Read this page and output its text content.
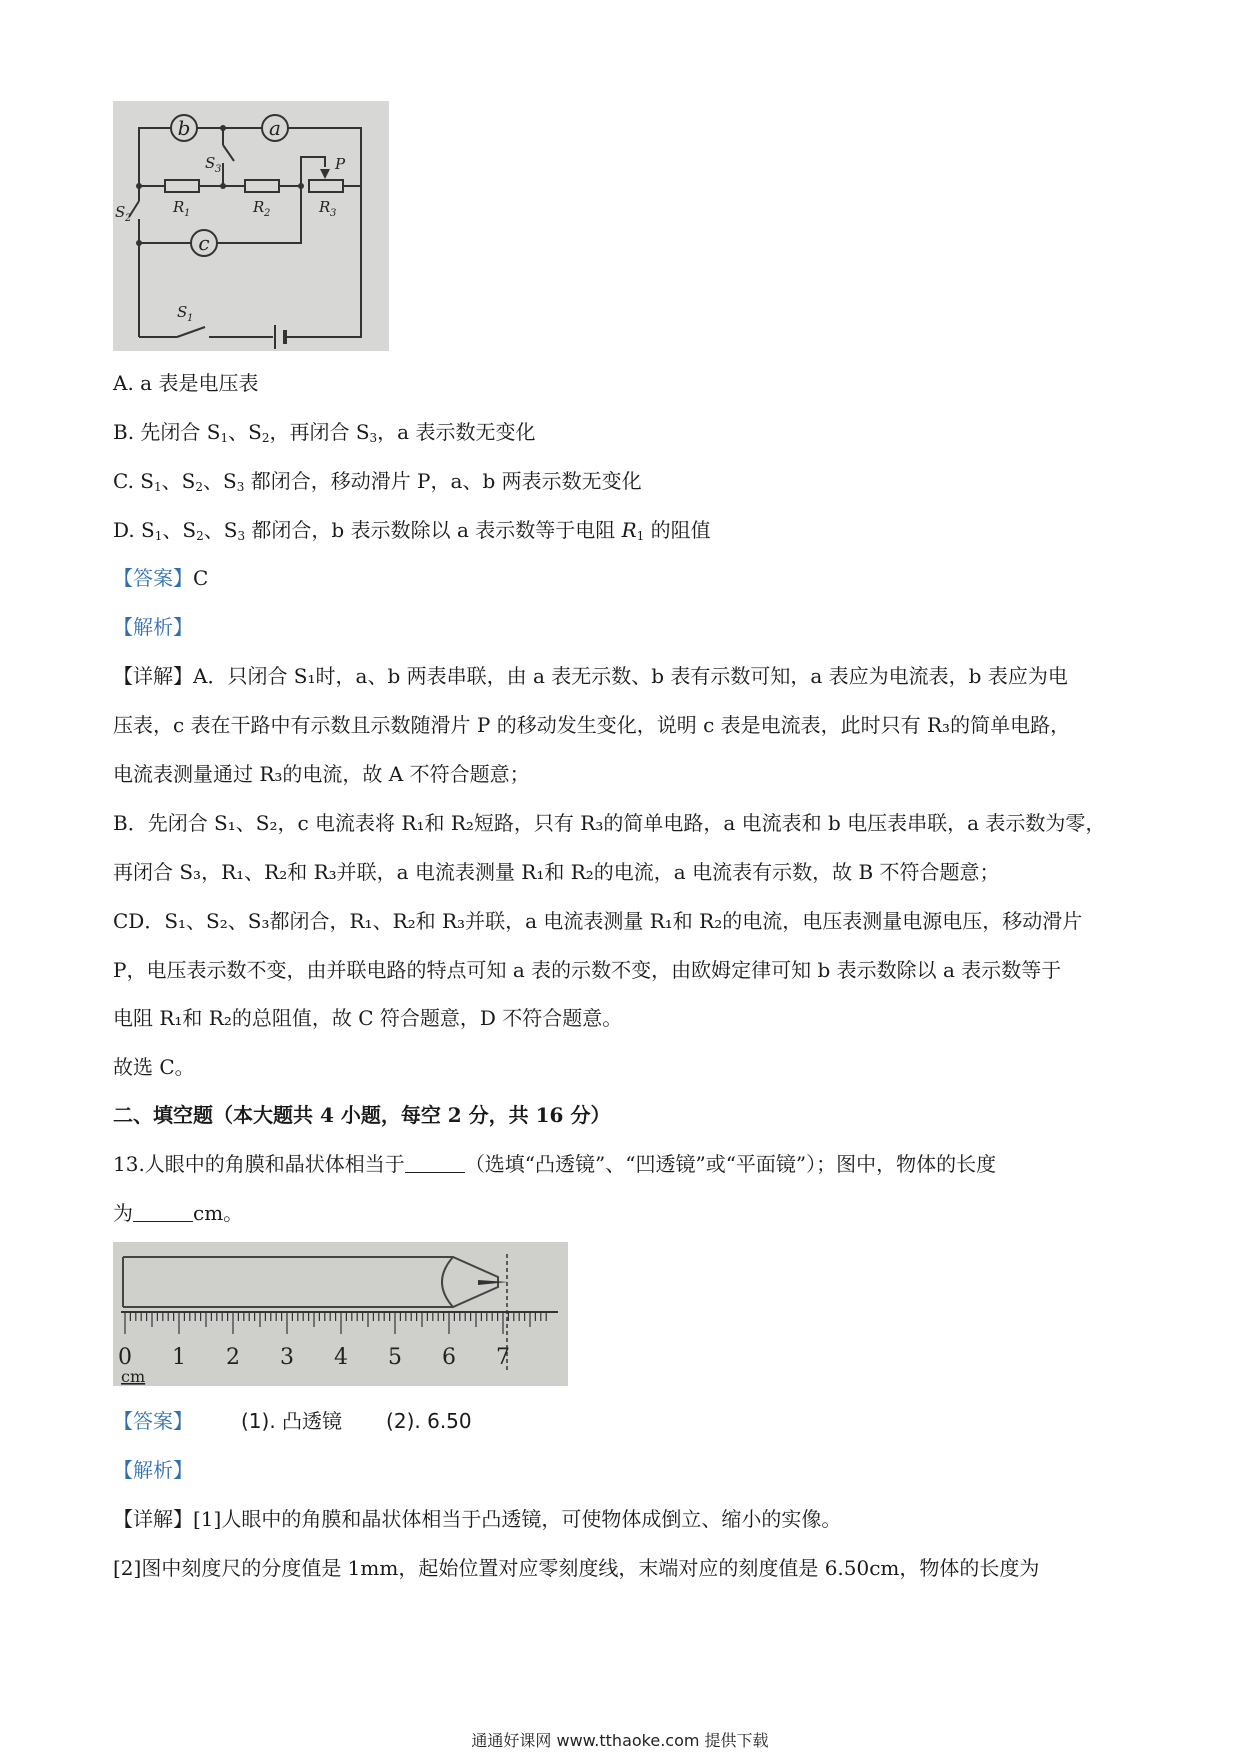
b	a
c
S 3
S 2
S 1
R 1	R 2	R 3
P
A. a 表是电压表
B. 先闭合 $S_1$、$S_2$，再闭合 $S_3$，a 表示数无变化
C. $S_1$、$S_2$、$S_3$ 都闭合，移动滑片 P，a、b 两表示数无变化
D. $S_1$、$S_2$、$S_3$ 都闭合，b 表示数除以 a 表示数等于电阻 $R_1$ 的阻值
【答案】C
【解析】
【详解】A．只闭合 S₁时，a、b 两表串联，由 a 表无示数、b 表有示数可知，a 表应为电流表，b 表应为电
压表，c 表在干路中有示数且示数随滑片 P 的移动发生变化，说明 c 表是电流表，此时只有 R₃的简单电路，
电流表测量通过 R₃的电流，故 A 不符合题意；
B．先闭合 S₁、S₂，c 电流表将 R₁和 R₂短路，只有 R₃的简单电路，a 电流表和 b 电压表串联，a 表示数为零，
再闭合 S₃，R₁、R₂和 R₃并联，a 电流表测量 R₁和 R₂的电流，a 电流表有示数，故 B 不符合题意；
CD．S₁、S₂、S₃都闭合，R₁、R₂和 R₃并联，a 电流表测量 R₁和 R₂的电流，电压表测量电源电压，移动滑片
P，电压表示数不变，由并联电路的特点可知 a 表的示数不变，由欧姆定律可知 b 表示数除以 a 表示数等于
电阻 R₁和 R₂的总阻值，故 C 符合题意，D 不符合题意。
故选 C。
二、填空题（本大题共 4 小题，每空 2 分，共 16 分）
13.人眼中的角膜和晶状体相当于	（选填“凸透镜”、“凹透镜”或“平面镜”）；图中，物体的长度
为	cm。
0 1 2 3 4 5 6 7
cm
【答案】 (1). 凸透镜 (2). 6.50
【解析】
【详解】[1]人眼中的角膜和晶状体相当于凸透镜，可使物体成倒立、缩小的实像。
[2]图中刻度尺的分度值是 1mm，起始位置对应零刻度线，末端对应的刻度值是 6.50cm，物体的长度为
通通好课网 www.tthaoke.com 提供下载
